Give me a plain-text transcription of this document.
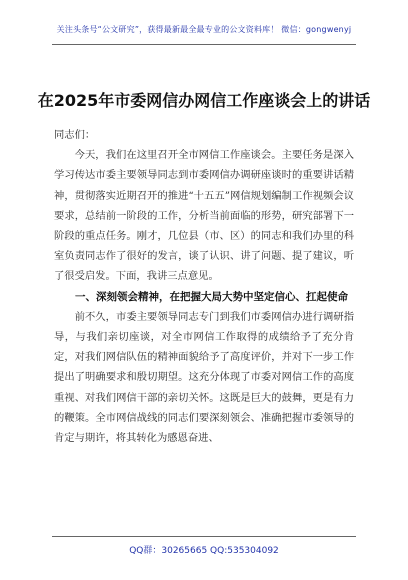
关注头条号“公文研究”，获得最新最全最专业的公文资料库！ 微信：gongwenyj
在2025年市委网信办网信工作座谈会上的讲话

同志们：

今天，我们在这里召开全市网信工作座谈会。主要任务是深入学习传达市委主要领导同志到市委网信办调研座谈时的重要讲话精神，贯彻落实近期召开的推进“十五五”网信规划编制工作视频会议要求，总结前一阶段的工作，分析当前面临的形势，研究部署下一阶段的重点任务。刚才，几位县（市、区）的同志和我们办里的科室负责同志作了很好的发言，谈了认识、讲了问题、提了建议，听了很受启发。下面，我讲三点意见。

一、深刻领会精神，在把握大局大势中坚定信心、扛起使命

前不久，市委主要领导同志专门到我们市委网信办进行调研指导，与我们亲切座谈，对全市网信工作取得的成绩给予了充分肯定，对我们网信队伍的精神面貌给予了高度评价，并对下一步工作提出了明确要求和殷切期望。这充分体现了市委对网信工作的高度重视、对我们网信干部的亲切关怀。这既是巨大的鼓舞，更是有力的鞭策。全市网信战线的同志们要深刻领会、准确把握市委领导的肯定与期许，将其转化为感恩奋进、

QQ群：30265665 QQ:535304092
